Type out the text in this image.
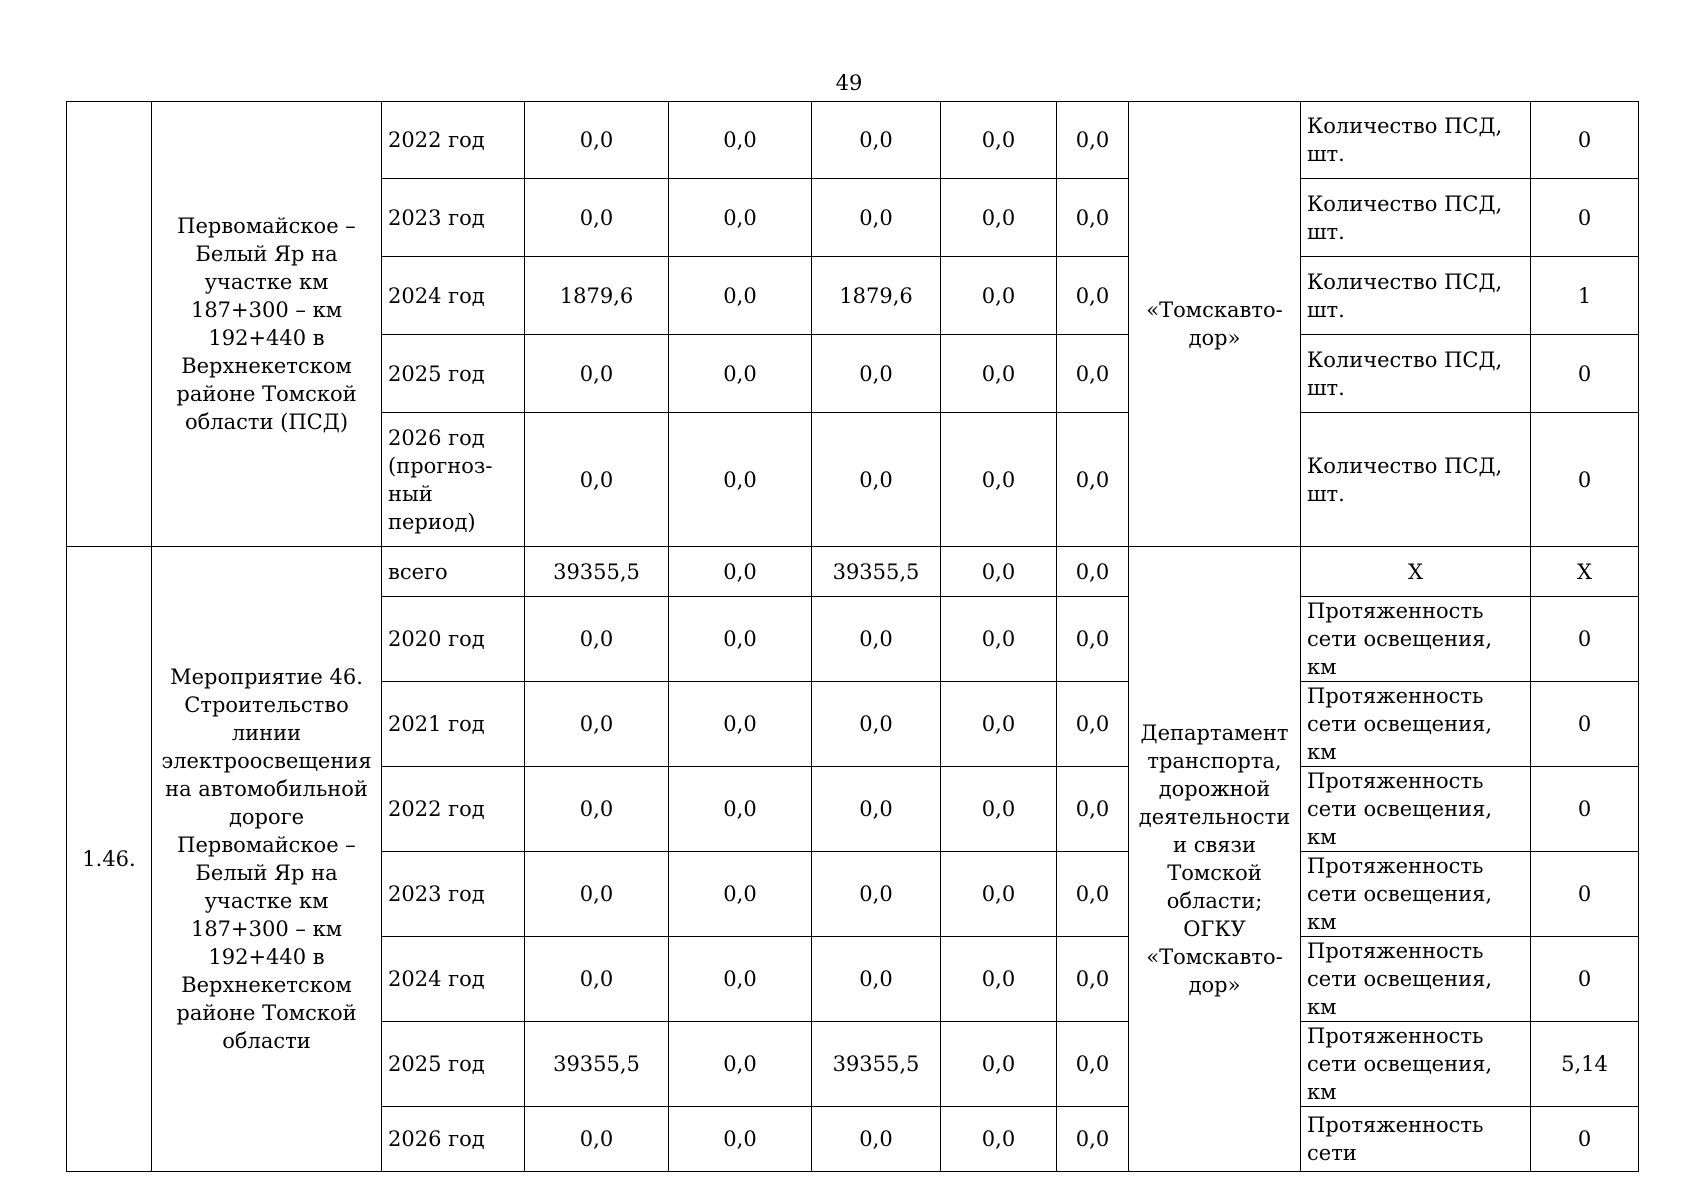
49
	Первомайское – Белый Яр на участке км 187+300 – км 192+440 в Верхнекетском районе Томской области (ПСД)	2022 год	0,0	0,0	0,0	0,0	0,0	«Томскавто-дор»	Количество ПСД, шт.	0
		2023 год	0,0	0,0	0,0	0,0	0,0		Количество ПСД, шт.	0
		2024 год	1879,6	0,0	1879,6	0,0	0,0		Количество ПСД, шт.	1
		2025 год	0,0	0,0	0,0	0,0	0,0		Количество ПСД, шт.	0
		2026 год (прогноз-ный период)	0,0	0,0	0,0	0,0	0,0		Количество ПСД, шт.	0
1.46.	Мероприятие 46. Строительство линии электроосвещения на автомобильной дороге Первомайское – Белый Яр на участке км 187+300 – км 192+440 в Верхнекетском районе Томской области	всего	39355,5	0,0	39355,5	0,0	0,0	Департамент транспорта, дорожной деятельности и связи Томской области; ОГКУ «Томскавто-дор»	Х	Х
		2020 год	0,0	0,0	0,0	0,0	0,0		Протяженность сети освещения, км	0
		2021 год	0,0	0,0	0,0	0,0	0,0		Протяженность сети освещения, км	0
		2022 год	0,0	0,0	0,0	0,0	0,0		Протяженность сети освещения, км	0
		2023 год	0,0	0,0	0,0	0,0	0,0		Протяженность сети освещения, км	0
		2024 год	0,0	0,0	0,0	0,0	0,0		Протяженность сети освещения, км	0
		2025 год	39355,5	0,0	39355,5	0,0	0,0		Протяженность сети освещения, км	5,14
		2026 год	0,0	0,0	0,0	0,0	0,0		Протяженность сети	0
